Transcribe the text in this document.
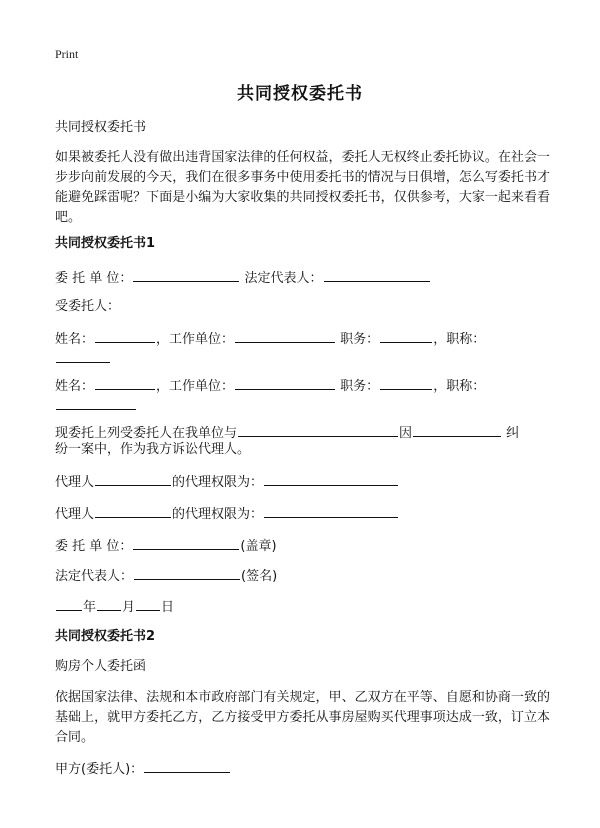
Print
共同授权委托书
共同授权委托书
如果被委托人没有做出违背国家法律的任何权益，委托人无权终止委托协议。在社会一步步向前发展的今天，我们在很多事务中使用委托书的情况与日俱增，怎么写委托书才能避免踩雷呢？下面是小编为大家收集的共同授权委托书，仅供参考，大家一起来看看吧。
共同授权委托书1
委 托 单 位：	法定代表人：
受委托人：
姓名：	，工作单位：	职务：	，职称：
姓名：	，工作单位：	职务：	，职称：
现委托上列受委托人在我单位与	因	纠
纷一案中，作为我方诉讼代理人。
代理人	的代理权限为：
代理人	的代理权限为：
委 托 单 位：	(盖章)
法定代表人：	(签名)
年 月 日
共同授权委托书2
购房个人委托函
依据国家法律、法规和本市政府部门有关规定，甲、乙双方在平等、自愿和协商一致的基础上，就甲方委托乙方，乙方接受甲方委托从事房屋购买代理事项达成一致，订立本合同。
甲方(委托人)：
